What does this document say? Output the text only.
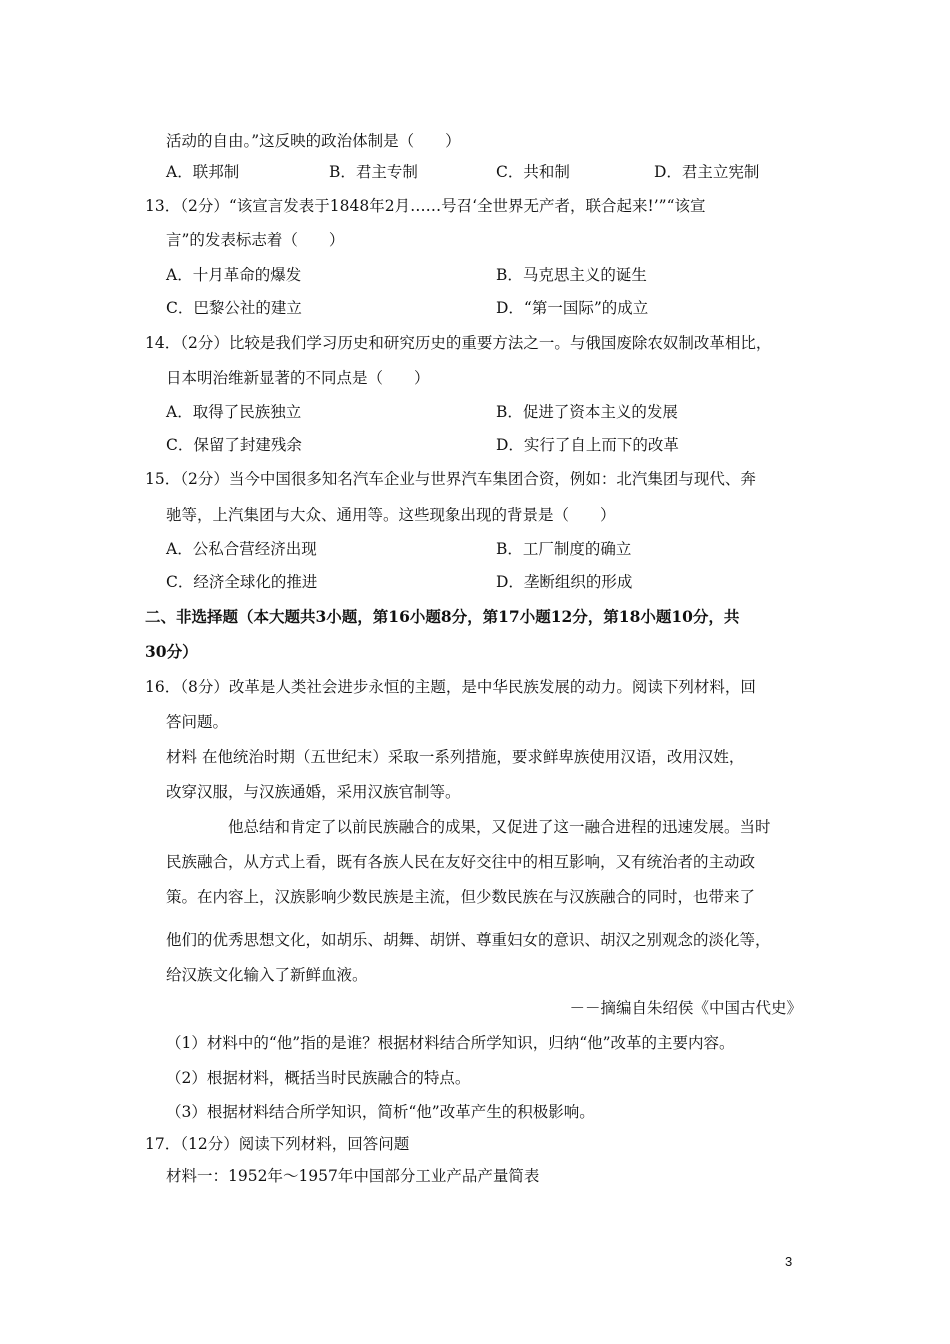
活动的自由。”这反映的政治体制是（　　）
A．联邦制	B．君主专制	C．共和制	D．君主立宪制
13．（2分）“该宣言发表于1848年2月……号召‘全世界无产者，联合起来!’”“该宣
言”的发表标志着（　　）
A．十月革命的爆发	B．马克思主义的诞生
C．巴黎公社的建立	D．“第一国际”的成立
14．（2分）比较是我们学习历史和研究历史的重要方法之一。与俄国废除农奴制改革相比，
日本明治维新显著的不同点是（　　）
A．取得了民族独立	B．促进了资本主义的发展
C．保留了封建残余	D．实行了自上而下的改革
15．（2分）当今中国很多知名汽车企业与世界汽车集团合资，例如：北汽集团与现代、奔
驰等，上汽集团与大众、通用等。这些现象出现的背景是（　　）
A．公私合营经济出现	B．工厂制度的确立
C．经济全球化的推进	D．垄断组织的形成
二、非选择题（本大题共3小题，第16小题8分，第17小题12分，第18小题10分，共
30分）
16．（8分）改革是人类社会进步永恒的主题，是中华民族发展的动力。阅读下列材料，回
答问题。
材料 在他统治时期（五世纪末）采取一系列措施，要求鲜卑族使用汉语，改用汉姓，
改穿汉服，与汉族通婚，采用汉族官制等。
他总结和肯定了以前民族融合的成果，又促进了这一融合进程的迅速发展。当时
民族融合，从方式上看，既有各族人民在友好交往中的相互影响，又有统治者的主动政
策。在内容上，汉族影响少数民族是主流，但少数民族在与汉族融合的同时，也带来了
他们的优秀思想文化，如胡乐、胡舞、胡饼、尊重妇女的意识、胡汉之别观念的淡化等，
给汉族文化输入了新鲜血液。
－－摘编自朱绍侯《中国古代史》
（1）材料中的“他”指的是谁？根据材料结合所学知识，归纳“他”改革的主要内容。
（2）根据材料，概括当时民族融合的特点。
（3）根据材料结合所学知识，简析“他”改革产生的积极影响。
17．（12分）阅读下列材料，回答问题
材料一：1952年～1957年中国部分工业产品产量简表
3
